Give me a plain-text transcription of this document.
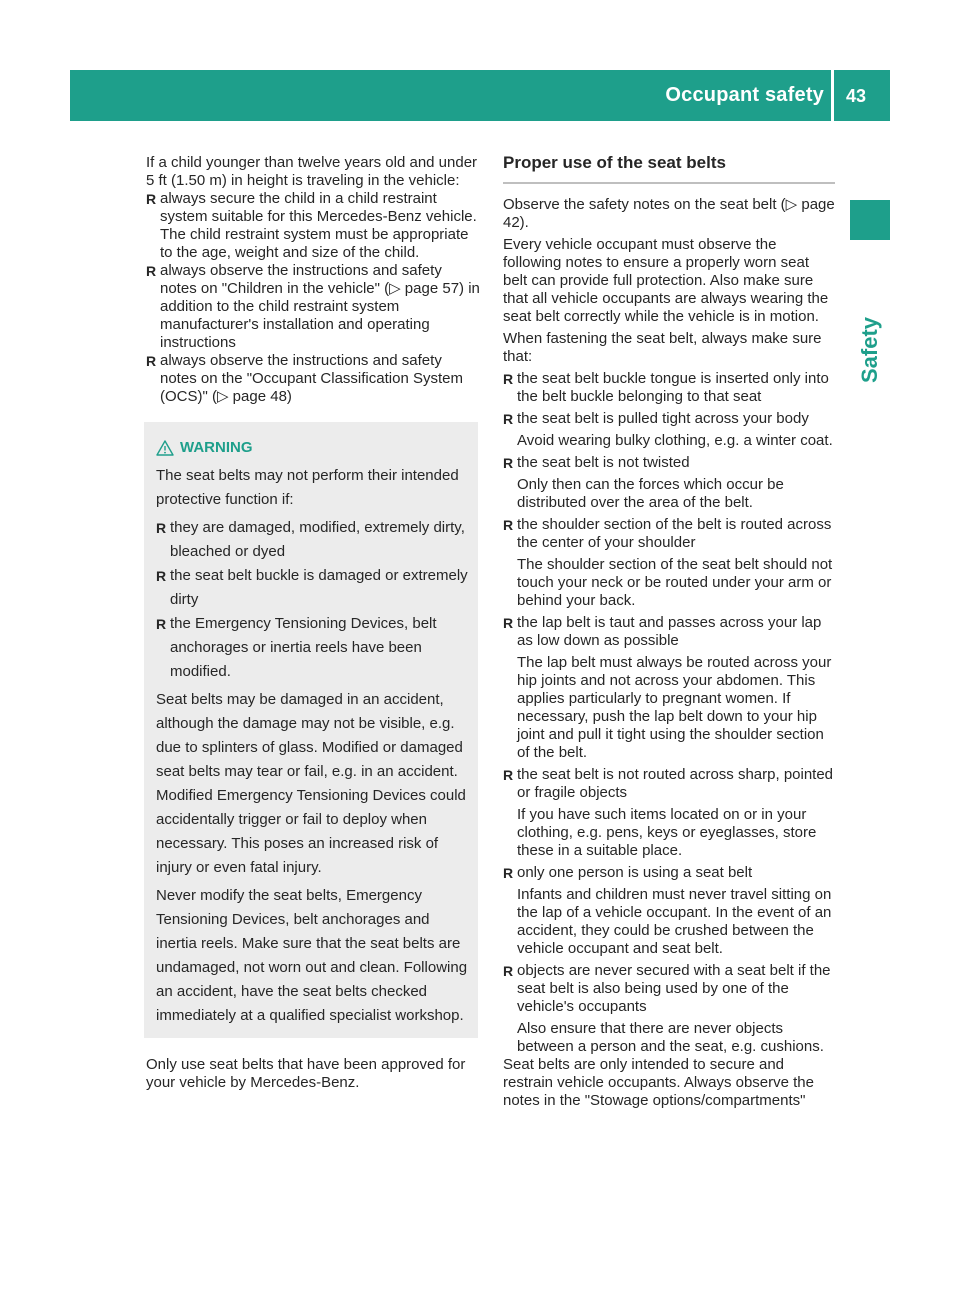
Occupant safety 43
Safety

If a child younger than twelve years old and under 5 ft (1.50 m) in height is traveling in the vehicle:

R always secure the child in a child restraint system suitable for this Mercedes-Benz vehicle. The child restraint system must be appropriate to the age, weight and size of the child.
R always observe the instructions and safety notes on "Children in the vehicle" (▷ page 57) in addition to the child restraint system manufacturer's installation and operating instructions
R always observe the instructions and safety notes on the "Occupant Classification System (OCS)" (▷ page 48)
WARNING

The seat belts may not perform their intended protective function if:

R they are damaged, modified, extremely dirty, bleached or dyed
R the seat belt buckle is damaged or extremely dirty
R the Emergency Tensioning Devices, belt anchorages or inertia reels have been modified.

Seat belts may be damaged in an accident, although the damage may not be visible, e.g. due to splinters of glass. Modified or damaged seat belts may tear or fail, e.g. in an accident. Modified Emergency Tensioning Devices could accidentally trigger or fail to deploy when necessary. This poses an increased risk of injury or even fatal injury.

Never modify the seat belts, Emergency Tensioning Devices, belt anchorages and inertia reels. Make sure that the seat belts are undamaged, not worn out and clean. Following an accident, have the seat belts checked immediately at a qualified specialist workshop.

Only use seat belts that have been approved for your vehicle by Mercedes-Benz.

Proper use of the seat belts

Observe the safety notes on the seat belt (▷ page 42).

Every vehicle occupant must observe the following notes to ensure a properly worn seat belt can provide full protection. Also make sure that all vehicle occupants are always wearing the seat belt correctly while the vehicle is in motion.

When fastening the seat belt, always make sure that:

R the seat belt buckle tongue is inserted only into the belt buckle belonging to that seat
R the seat belt is pulled tight across your body
Avoid wearing bulky clothing, e.g. a winter coat.
R the seat belt is not twisted
Only then can the forces which occur be distributed over the area of the belt.
R the shoulder section of the belt is routed across the center of your shoulder
The shoulder section of the seat belt should not touch your neck or be routed under your arm or behind your back.
R the lap belt is taut and passes across your lap as low down as possible
The lap belt must always be routed across your hip joints and not across your abdomen. This applies particularly to pregnant women. If necessary, push the lap belt down to your hip joint and pull it tight using the shoulder section of the belt.
R the seat belt is not routed across sharp, pointed or fragile objects
If you have such items located on or in your clothing, e.g. pens, keys or eyeglasses, store these in a suitable place.
R only one person is using a seat belt
Infants and children must never travel sitting on the lap of a vehicle occupant. In the event of an accident, they could be crushed between the vehicle occupant and seat belt.
R objects are never secured with a seat belt if the seat belt is also being used by one of the vehicle's occupants
Also ensure that there are never objects between a person and the seat, e.g. cushions.

Seat belts are only intended to secure and restrain vehicle occupants. Always observe the notes in the "Stowage options/compartments"
